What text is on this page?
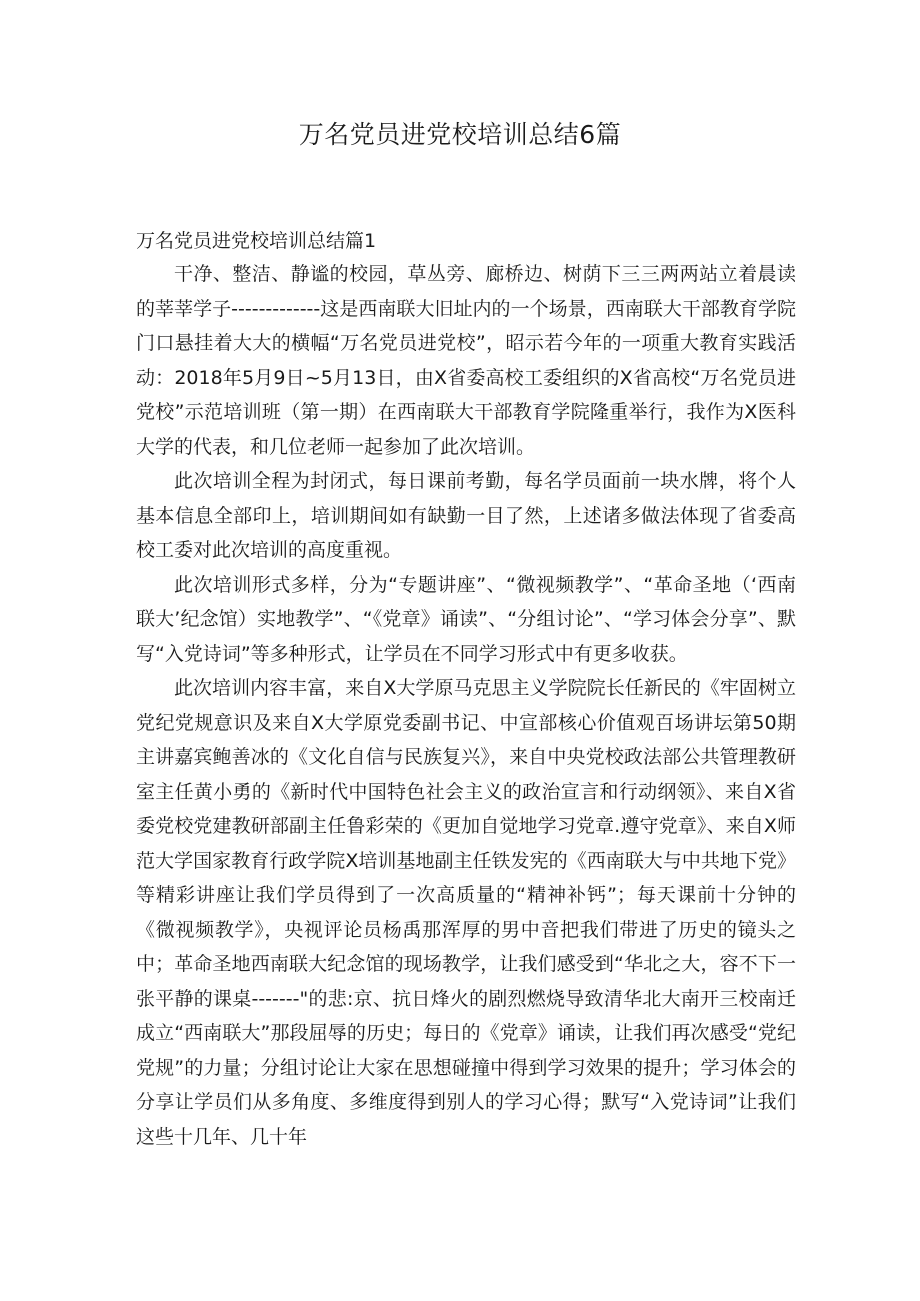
万名党员进党校培训总结6篇
万名党员进党校培训总结篇1

干净、整洁、静谧的校园，草丛旁、廊桥边、树荫下三三两两站立着晨读的莘莘学子-------------这是西南联大旧址内的一个场景，西南联大干部教育学院门口悬挂着大大的横幅“万名党员进党校”，昭示若今年的一项重大教育实践活动：2018年5月9日~5月13日，由X省委高校工委组织的X省高校“万名党员进党校”示范培训班（第一期）在西南联大干部教育学院隆重举行，我作为X医科大学的代表，和几位老师一起参加了此次培训。

此次培训全程为封闭式，每日课前考勤，每名学员面前一块水牌，将个人基本信息全部印上，培训期间如有缺勤一目了然，上述诸多做法体现了省委高校工委对此次培训的高度重视。

此次培训形式多样，分为“专题讲座”、“微视频教学”、“革命圣地（‘西南联大’纪念馆）实地教学”、“《党章》诵读”、“分组讨论”、“学习体会分享”、默写“入党诗词”等多种形式，让学员在不同学习形式中有更多收获。

此次培训内容丰富，来自X大学原马克思主义学院院长任新民的《牢固树立党纪党规意识及来自X大学原党委副书记、中宣部核心价值观百场讲坛第50期主讲嘉宾鲍善冰的《文化自信与民族复兴》，来自中央党校政法部公共管理教研室主任黄小勇的《新时代中国特色社会主义的政治宣言和行动纲领》、来自X省委党校党建教研部副主任鲁彩荣的《更加自觉地学习党章.遵守党章》、来自X师范大学国家教育行政学院X培训基地副主任铁发宪的《西南联大与中共地下党》等精彩讲座让我们学员得到了一次高质量的“精神补钙”；每天课前十分钟的《微视频教学》，央视评论员杨禹那浑厚的男中音把我们带进了历史的镜头之中；革命圣地西南联大纪念馆的现场教学，让我们感受到“华北之大，容不下一张平静的课桌-------"的悲:京、抗日烽火的剧烈燃烧导致清华北大南开三校南迁成立“西南联大”那段屈辱的历史；每日的《党章》诵读，让我们再次感受“党纪党规”的力量；分组讨论让大家在思想碰撞中得到学习效果的提升；学习体会的分享让学员们从多角度、多维度得到别人的学习心得；默写“入党诗词”让我们这些十几年、几十年
